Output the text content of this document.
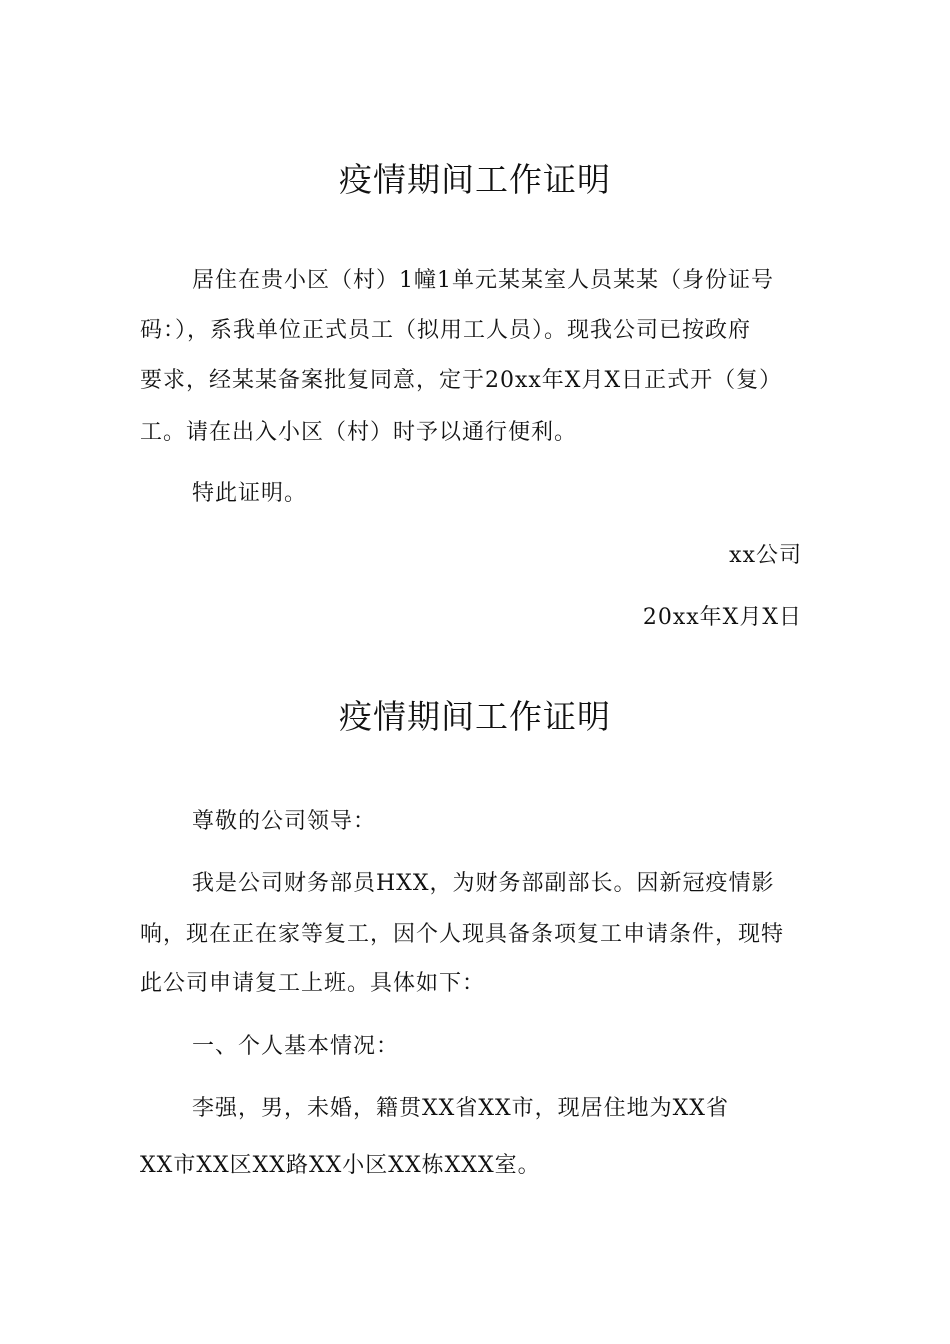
疫情期间工作证明

居住在贵小区（村）1幢1单元某某室人员某某（身份证号

码：），系我单位正式员工（拟用工人员）。现我公司已按政府

要求，经某某备案批复同意，定于20xx年X月X日正式开（复）

工。请在出入小区（村）时予以通行便利。

特此证明。

xx公司

20xx年X月X日

疫情期间工作证明

尊敬的公司领导：

我是公司财务部员HXX，为财务部副部长。因新冠疫情影

响，现在正在家等复工，因个人现具备条项复工申请条件，现特

此公司申请复工上班。具体如下：

一、个人基本情况：

李强，男，未婚，籍贯XX省XX市，现居住地为XX省

XX市XX区XX路XX小区XX栋XXX室。
